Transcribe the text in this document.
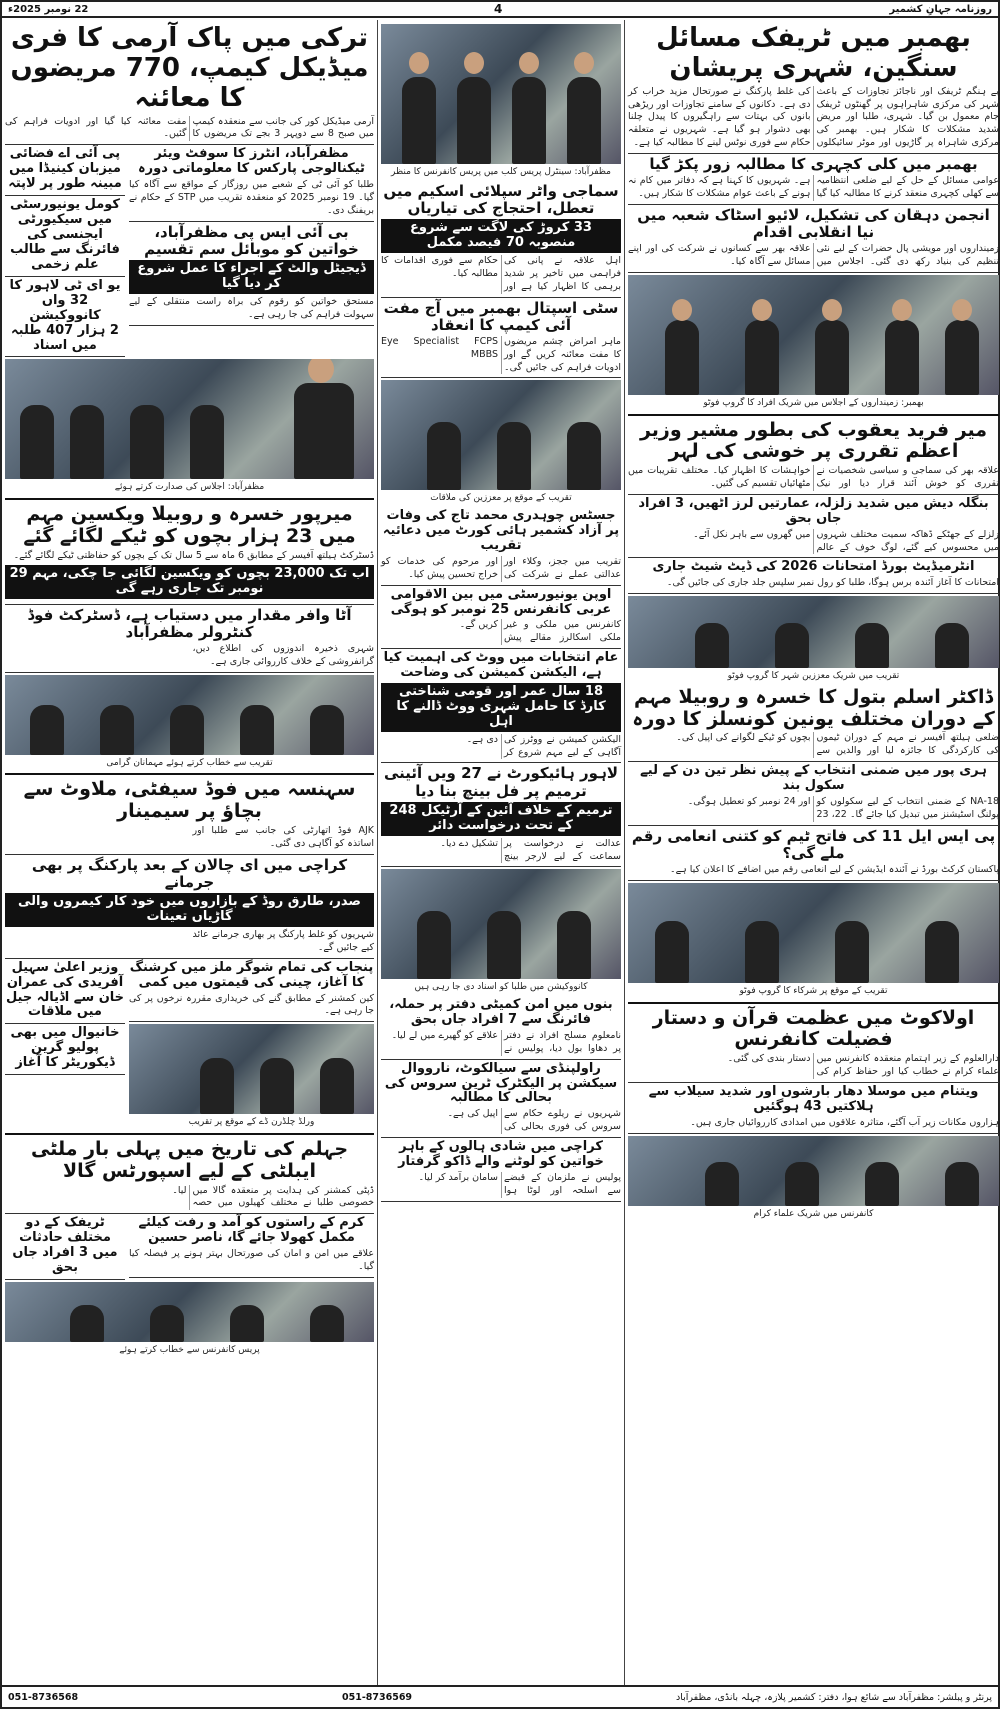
روزنامہ جہانِ کشمیر
4
22 نومبر 2025ء
بھمبر میں ٹریفک مسائل سنگین، شہری پریشان
بے ہنگم ٹریفک اور ناجائز تجاوزات کے باعث شہر کی مرکزی شاہراہوں پر گھنٹوں ٹریفک جام معمول بن گیا۔ شہری، طلبا اور مریض شدید مشکلات کا شکار ہیں۔ بھمبر کی مرکزی شاہراہ پر گاڑیوں اور موٹر سائیکلوں کی غلط پارکنگ نے صورتحال مزید خراب کر دی ہے۔ دکانوں کے سامنے تجاوزات اور ریڑھی بانوں کی بہتات سے راہگیروں کا پیدل چلنا بھی دشوار ہو گیا ہے۔ شہریوں نے متعلقہ حکام سے فوری نوٹس لینے کا مطالبہ کیا ہے۔
بھمبر میں کلی کچہری کا مطالبہ زور پکڑ گیا
عوامی مسائل کے حل کے لیے ضلعی انتظامیہ سے کھلی کچہری منعقد کرنے کا مطالبہ کیا گیا ہے۔ شہریوں کا کہنا ہے کہ دفاتر میں کام نہ ہونے کے باعث عوام مشکلات کا شکار ہیں۔
انجمن دہقان کی تشکیل، لائیو اسٹاک شعبہ میں نیا انقلابی اقدام
زمینداروں اور مویشی پال حضرات کے لیے نئی تنظیم کی بنیاد رکھ دی گئی۔ اجلاس میں علاقہ بھر سے کسانوں نے شرکت کی اور اپنے مسائل سے آگاہ کیا۔
بھمبر: زمینداروں کے اجلاس میں شریک افراد کا گروپ فوٹو
میر فرید یعقوب کی بطور مشیر وزیر اعظم تقرری پر خوشی کی لہر
علاقہ بھر کی سماجی و سیاسی شخصیات نے تقرری کو خوش آئند قرار دیا اور نیک خواہشات کا اظہار کیا۔ مختلف تقریبات میں مٹھائیاں تقسیم کی گئیں۔
بنگلہ دیش میں شدید زلزلہ، عمارتیں لرز اٹھیں، 3 افراد جاں بحق
زلزلے کے جھٹکے ڈھاکہ سمیت مختلف شہروں میں محسوس کیے گئے، لوگ خوف کے عالم میں گھروں سے باہر نکل آئے۔
انٹرمیڈیٹ بورڈ امتحانات 2026 کی ڈیٹ شیٹ جاری
امتحانات کا آغاز آئندہ برس ہوگا، طلبا کو رول نمبر سلپس جلد جاری کی جائیں گی۔
تقریب میں شریک معززین شہر کا گروپ فوٹو
ڈاکٹر اسلم بتول کا خسرہ و روبیلا مہم کے دوران مختلف یونین کونسلز کا دورہ
ضلعی ہیلتھ آفیسر نے مہم کے دوران ٹیموں کی کارکردگی کا جائزہ لیا اور والدین سے بچوں کو ٹیکے لگوانے کی اپیل کی۔
ہری پور میں ضمنی انتخاب کے پیش نظر تین دن کے لیے سکول بند
NA-18 کے ضمنی انتخاب کے لیے سکولوں کو پولنگ اسٹیشنز میں تبدیل کیا جائے گا۔ 22، 23 اور 24 نومبر کو تعطیل ہوگی۔
پی ایس ایل 11 کی فاتح ٹیم کو کتنی انعامی رقم ملے گی؟
پاکستان کرکٹ بورڈ نے آئندہ ایڈیشن کے لیے انعامی رقم میں اضافے کا اعلان کیا ہے۔
تقریب کے موقع پر شرکاء کا گروپ فوٹو
اولاکوٹ میں عظمت قرآن و دستار فضیلت کانفرنس
دارالعلوم کے زیر اہتمام منعقدہ کانفرنس میں علماء کرام نے خطاب کیا اور حفاظ کرام کی دستار بندی کی گئی۔
ویتنام میں موسلا دھار بارشوں اور شدید سیلاب سے ہلاکتیں 43 ہوگئیں
ہزاروں مکانات زیر آب آگئے، متاثرہ علاقوں میں امدادی کارروائیاں جاری ہیں۔
کانفرنس میں شریک علماء کرام
مظفرآباد: سینٹرل پریس کلب میں پریس کانفرنس کا منظر
سماجی واٹر سپلائی اسکیم میں تعطل، احتجاج کی تیاریاں
33 کروڑ کی لاگت سے شروع منصوبہ 70 فیصد مکمل
اہل علاقہ نے پانی کی فراہمی میں تاخیر پر شدید برہمی کا اظہار کیا ہے اور حکام سے فوری اقدامات کا مطالبہ کیا۔
سٹی اسپتال بھمبر میں آج مفت آئی کیمپ کا انعقاد
ماہر امراض چشم مریضوں کا مفت معائنہ کریں گے اور ادویات فراہم کی جائیں گی۔ Eye Specialist FCPS MBBS
تقریب کے موقع پر معززین کی ملاقات
جسٹس چوہدری محمد تاج کی وفات پر آزاد کشمیر ہائی کورٹ میں دعائیہ تقریب
تقریب میں ججز، وکلاء اور عدالتی عملے نے شرکت کی اور مرحوم کی خدمات کو خراج تحسین پیش کیا۔
اوپن یونیورسٹی میں بین الاقوامی عربی کانفرنس 25 نومبر کو ہوگی
کانفرنس میں ملکی و غیر ملکی اسکالرز مقالے پیش کریں گے۔
عام انتخابات میں ووٹ کی اہمیت کیا ہے، الیکشن کمیشن کی وضاحت
18 سال عمر اور قومی شناختی کارڈ کا حامل شہری ووٹ ڈالنے کا اہل
الیکشن کمیشن نے ووٹرز کی آگاہی کے لیے مہم شروع کر دی ہے۔
لاہور ہائیکورٹ نے 27 ویں آئینی ترمیم پر فل بینچ بنا دیا
ترمیم کے خلاف آئین کے آرٹیکل 248 کے تحت درخواست دائر
عدالت نے درخواست پر سماعت کے لیے لارجر بینچ تشکیل دے دیا۔
کانووکیشن میں طلبا کو اسناد دی جا رہی ہیں
بنوں میں امن کمیٹی دفتر پر حملہ، فائرنگ سے 7 افراد جاں بحق
نامعلوم مسلح افراد نے دفتر پر دھاوا بول دیا، پولیس نے علاقے کو گھیرے میں لے لیا۔
راولپنڈی سے سیالکوٹ، نارووال سیکشن پر الیکٹرک ٹرین سروس کی بحالی کا مطالبہ
شہریوں نے ریلوے حکام سے سروس کی فوری بحالی کی اپیل کی ہے۔
کراچی میں شادی ہالوں کے باہر خواتین کو لوٹنے والے ڈاکو گرفتار
پولیس نے ملزمان کے قبضے سے اسلحہ اور لوٹا ہوا سامان برآمد کر لیا۔
ترکی میں پاک آرمی کا فری میڈیکل کیمپ، 770 مریضوں کا معائنہ
آرمی میڈیکل کور کی جانب سے منعقدہ کیمپ میں صبح 8 سے دوپہر 3 بجے تک مریضوں کا مفت معائنہ کیا گیا اور ادویات فراہم کی گئیں۔
مظفرآباد، انٹرز کا سوفٹ ویئر ٹیکنالوجی پارکس کا معلوماتی دورہ
طلبا کو آئی ٹی کے شعبے میں روزگار کے مواقع سے آگاہ کیا گیا۔ 19 نومبر 2025 کو منعقدہ تقریب میں STP کے حکام نے بریفنگ دی۔
بی آئی ایس پی مظفرآباد، خواتین کو موبائل سم تقسیم
ڈیجیٹل والٹ کے اجراء کا عمل شروع کر دیا گیا
مستحق خواتین کو رقوم کی براہ راست منتقلی کے لیے سہولت فراہم کی جا رہی ہے۔
پی آئی اے فضائی میزبان کینیڈا میں مبینہ طور پر لاپتہ
کومل یونیورسٹی میں سیکیورٹی ایجنسی کی فائرنگ سے طالب علم زخمی
یو ای ٹی لاہور کا 32 واں کانووکیشن
2 ہزار 407 طلبہ میں اسناد
مظفرآباد: اجلاس کی صدارت کرتے ہوئے
میرپور خسرہ و روبیلا ویکسین مہم میں 23 ہزار بچوں کو ٹیکے لگائے گئے
ڈسٹرکٹ ہیلتھ آفیسر کے مطابق 6 ماہ سے 5 سال تک کے بچوں کو حفاظتی ٹیکے لگائے گئے۔
اب تک 23,000 بچوں کو ویکسین لگائی جا چکی، مہم 29 نومبر تک جاری رہے گی
آٹا وافر مقدار میں دستیاب ہے، ڈسٹرکٹ فوڈ کنٹرولر مظفرآباد
شہری ذخیرہ اندوزوں کی اطلاع دیں، گرانفروشی کے خلاف کارروائی جاری ہے۔
تقریب سے خطاب کرتے ہوئے مہمانان گرامی
سہنسہ میں فوڈ سیفٹی، ملاوٹ سے بچاؤ پر سیمینار
AJK فوڈ اتھارٹی کی جانب سے طلبا اور اساتذہ کو آگاہی دی گئی۔
کراچی میں ای چالان کے بعد پارکنگ پر بھی جرمانے
صدر، طارق روڈ کے بازاروں میں خود کار کیمروں والی گاڑیاں تعینات
شہریوں کو غلط پارکنگ پر بھاری جرمانے عائد کیے جائیں گے۔
پنجاب کی تمام شوگر ملز میں کرشنگ کا آغاز، چینی کی قیمتوں میں کمی
کین کمشنر کے مطابق گنے کی خریداری مقررہ نرخوں پر کی جا رہی ہے۔
ورلڈ چلڈرن ڈے کے موقع پر تقریب
وزیر اعلیٰ سہیل آفریدی کی عمران خان سے اڈیالہ جیل میں ملاقات
خانیوال میں بھی پولیو گرین ڈیکوریٹر کا آغاز
جہلم کی تاریخ میں پہلی بار ملٹی ایبلٹی کے لیے اسپورٹس گالا
ڈپٹی کمشنر کی ہدایت پر منعقدہ گالا میں خصوصی طلبا نے مختلف کھیلوں میں حصہ لیا۔
کرم کے راستوں کو آمد و رفت کیلئے مکمل کھولا جائے گا، ناصر حسین
علاقے میں امن و امان کی صورتحال بہتر ہونے پر فیصلہ کیا گیا۔
ٹریفک کے دو مختلف حادثات میں 3 افراد جاں بحق
پریس کانفرنس سے خطاب کرتے ہوئے
پرنٹر و پبلشر: مظفرآباد سے شائع ہوا، دفتر: کشمیر پلازہ، چہلہ بانڈی، مظفرآباد
051-8736569
051-8736568
